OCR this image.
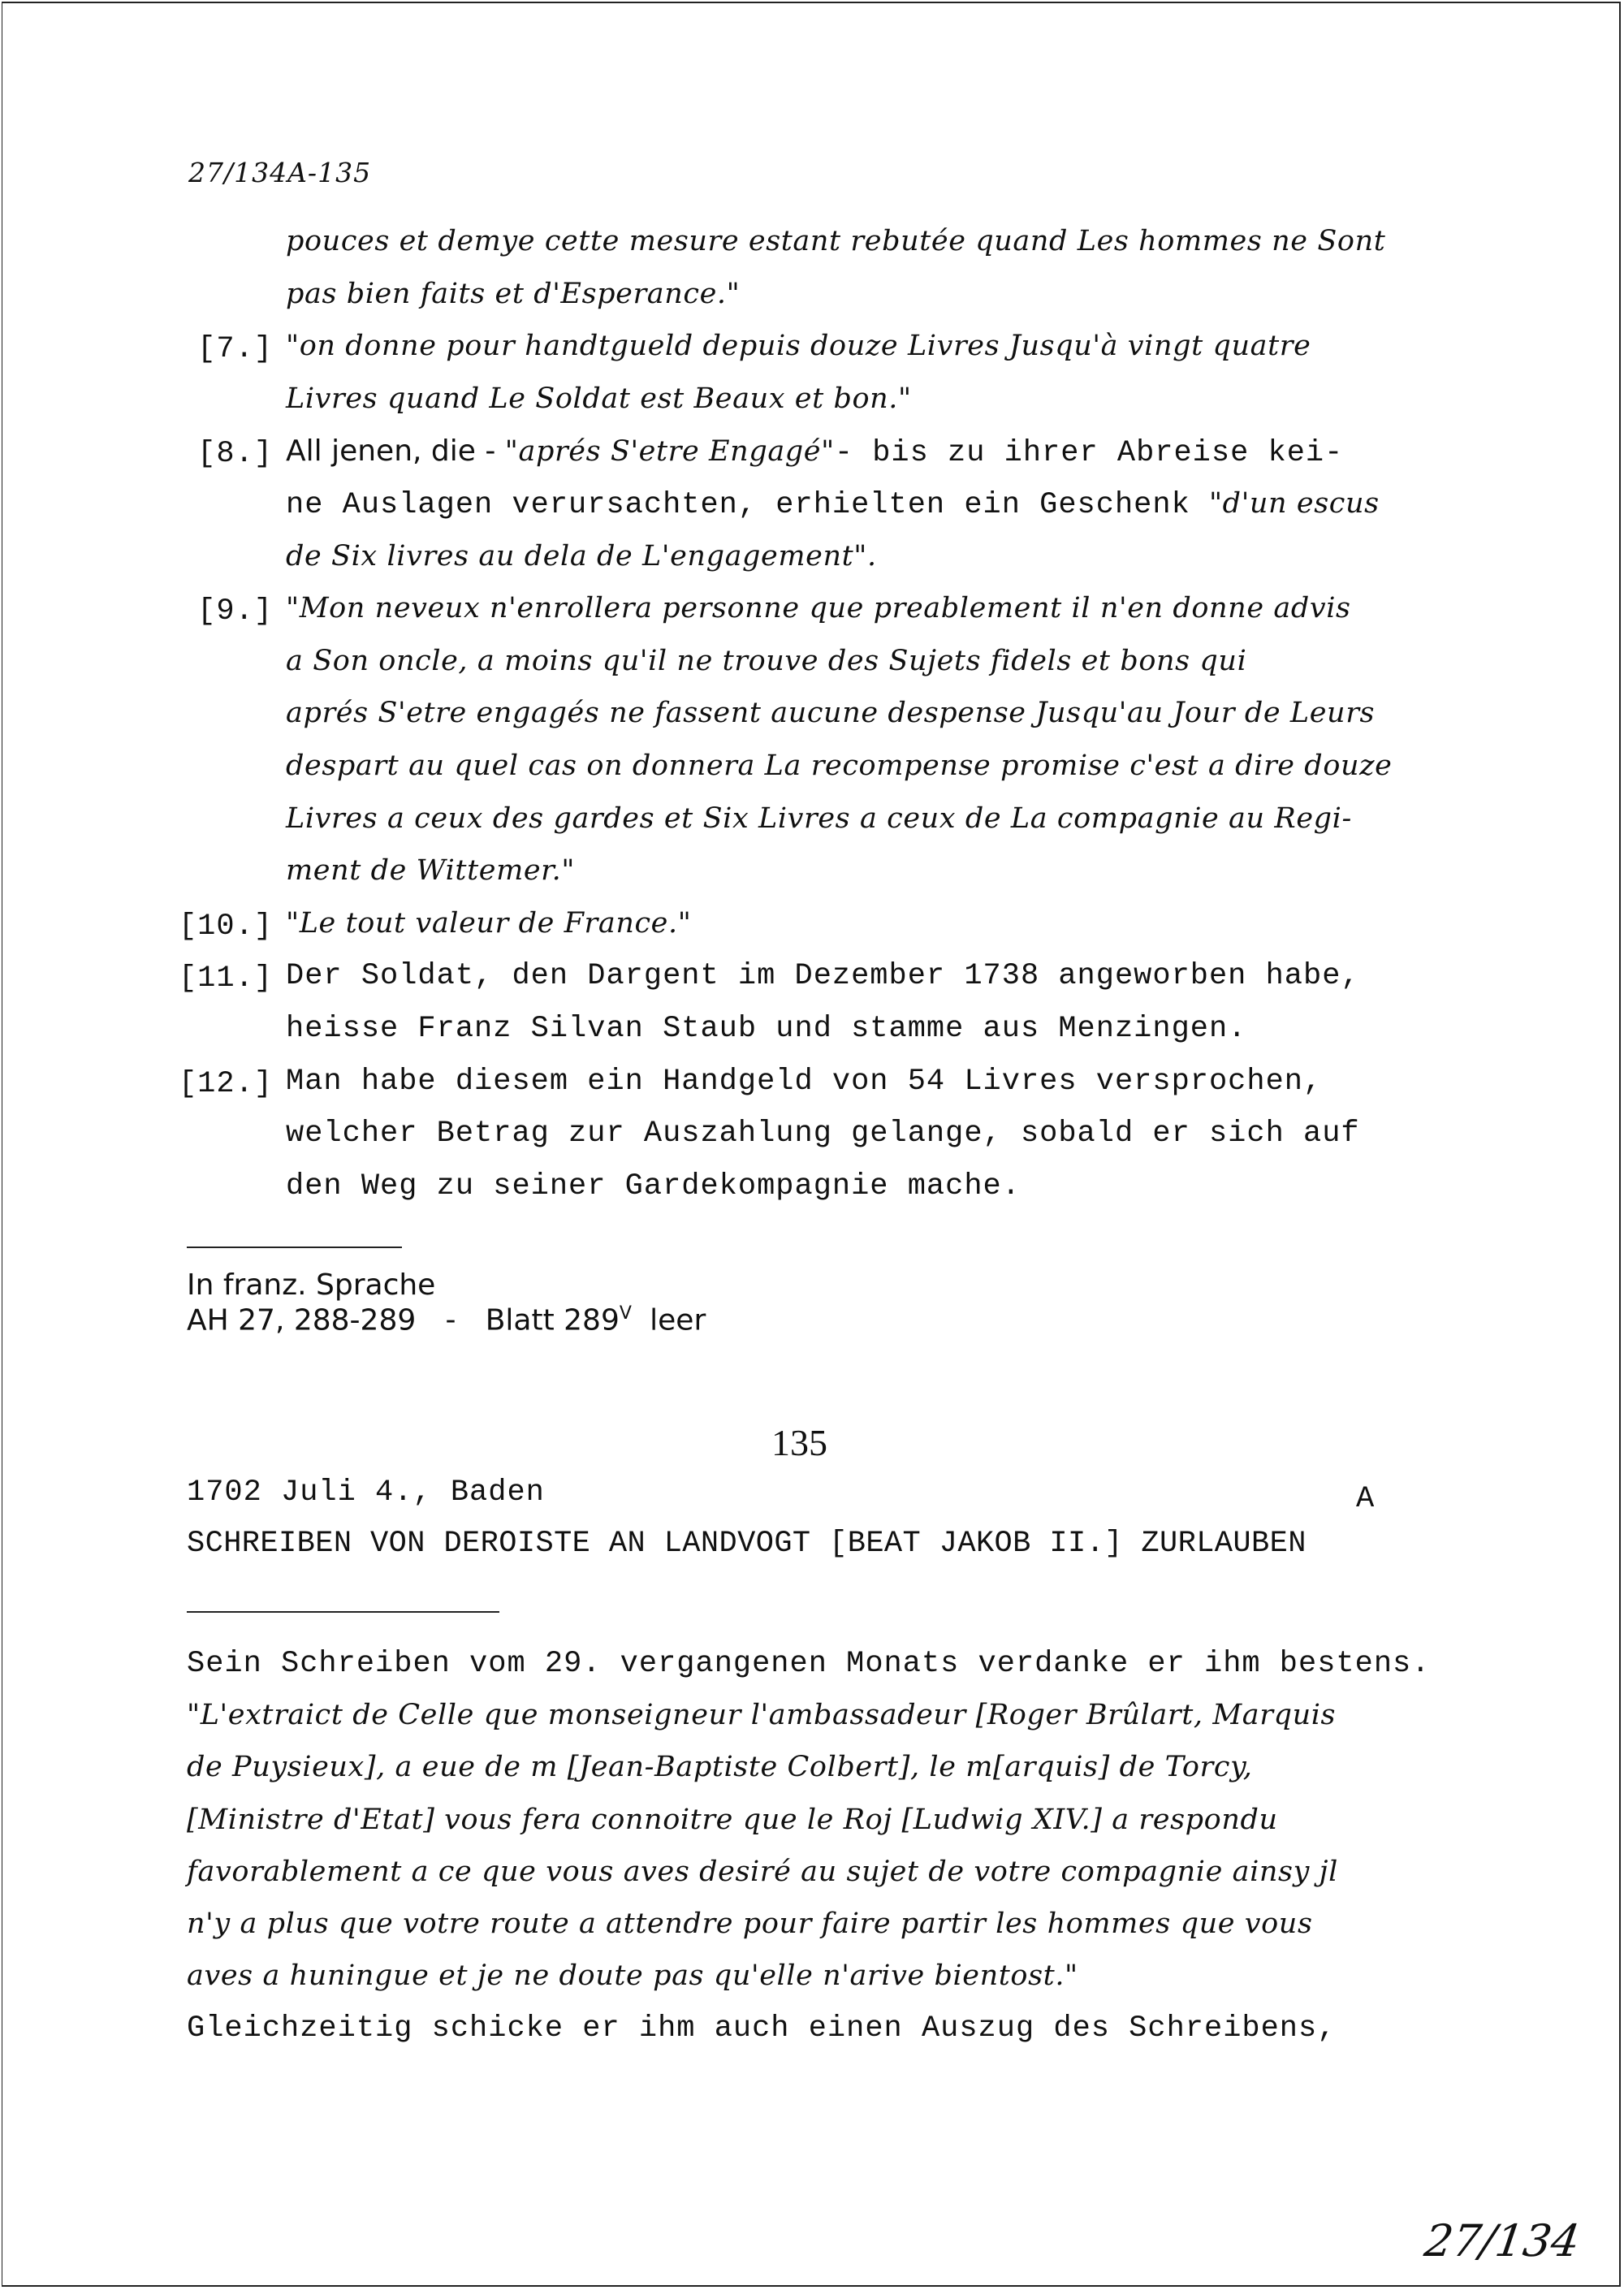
27/134A-135
In franz. Sprache
AH 27, 288-289 - Blatt $289^V$ leer
135
1702 Juli 4., Baden	A
SCHREIBEN VON DEROISTE AN LANDVOGT [BEAT JAKOB II.] ZURLAUBEN
27/134
pouces et demye cette mesure estant rebutée quand Les hommes ne Sont
pas bien faits et d'Esperance."
[7.] "on donne pour handtgueld depuis douze Livres Jusqu'à vingt quatre
Livres quand Le Soldat est Beaux et bon."
[8.] All jenen, die - "aprés S'etre Engagé"- bis zu ihrer Abreise kei-
ne Auslagen verursachten, erhielten ein Geschenk "d'un escus
de Six livres au dela de L'engagement".
[9.] "Mon neveux n'enrollera personne que preablement il n'en donne advis
a Son oncle, a moins qu'il ne trouve des Sujets fidels et bons qui
aprés S'etre engagés ne fassent aucune despense Jusqu'au Jour de Leurs
despart au quel cas on donnera La recompense promise c'est a dire douze
Livres a ceux des gardes et Six Livres a ceux de La compagnie au Regi-
ment de Wittemer."
[10.] "Le tout valeur de France."
[11.] Der Soldat, den Dargent im Dezember 1738 angeworben habe,
heisse Franz Silvan Staub und stamme aus Menzingen.
[12.] Man habe diesem ein Handgeld von 54 Livres versprochen,
welcher Betrag zur Auszahlung gelange, sobald er sich auf
den Weg zu seiner Gardekompagnie mache.
Sein Schreiben vom 29. vergangenen Monats verdanke er ihm bestens.
"L'extraict de Celle que monseigneur l'ambassadeur [Roger Brûlart, Marquis
de Puysieux], a eue de m [Jean-Baptiste Colbert], le m[arquis] de Torcy,
[Ministre d'Etat] vous fera connoitre que le Roj [Ludwig XIV.] a respondu
favorablement a ce que vous aves desiré au sujet de votre compagnie ainsy jl
n'y a plus que votre route a attendre pour faire partir les hommes que vous
aves a huningue et je ne doute pas qu'elle n'arive bientost."
Gleichzeitig schicke er ihm auch einen Auszug des Schreibens,
